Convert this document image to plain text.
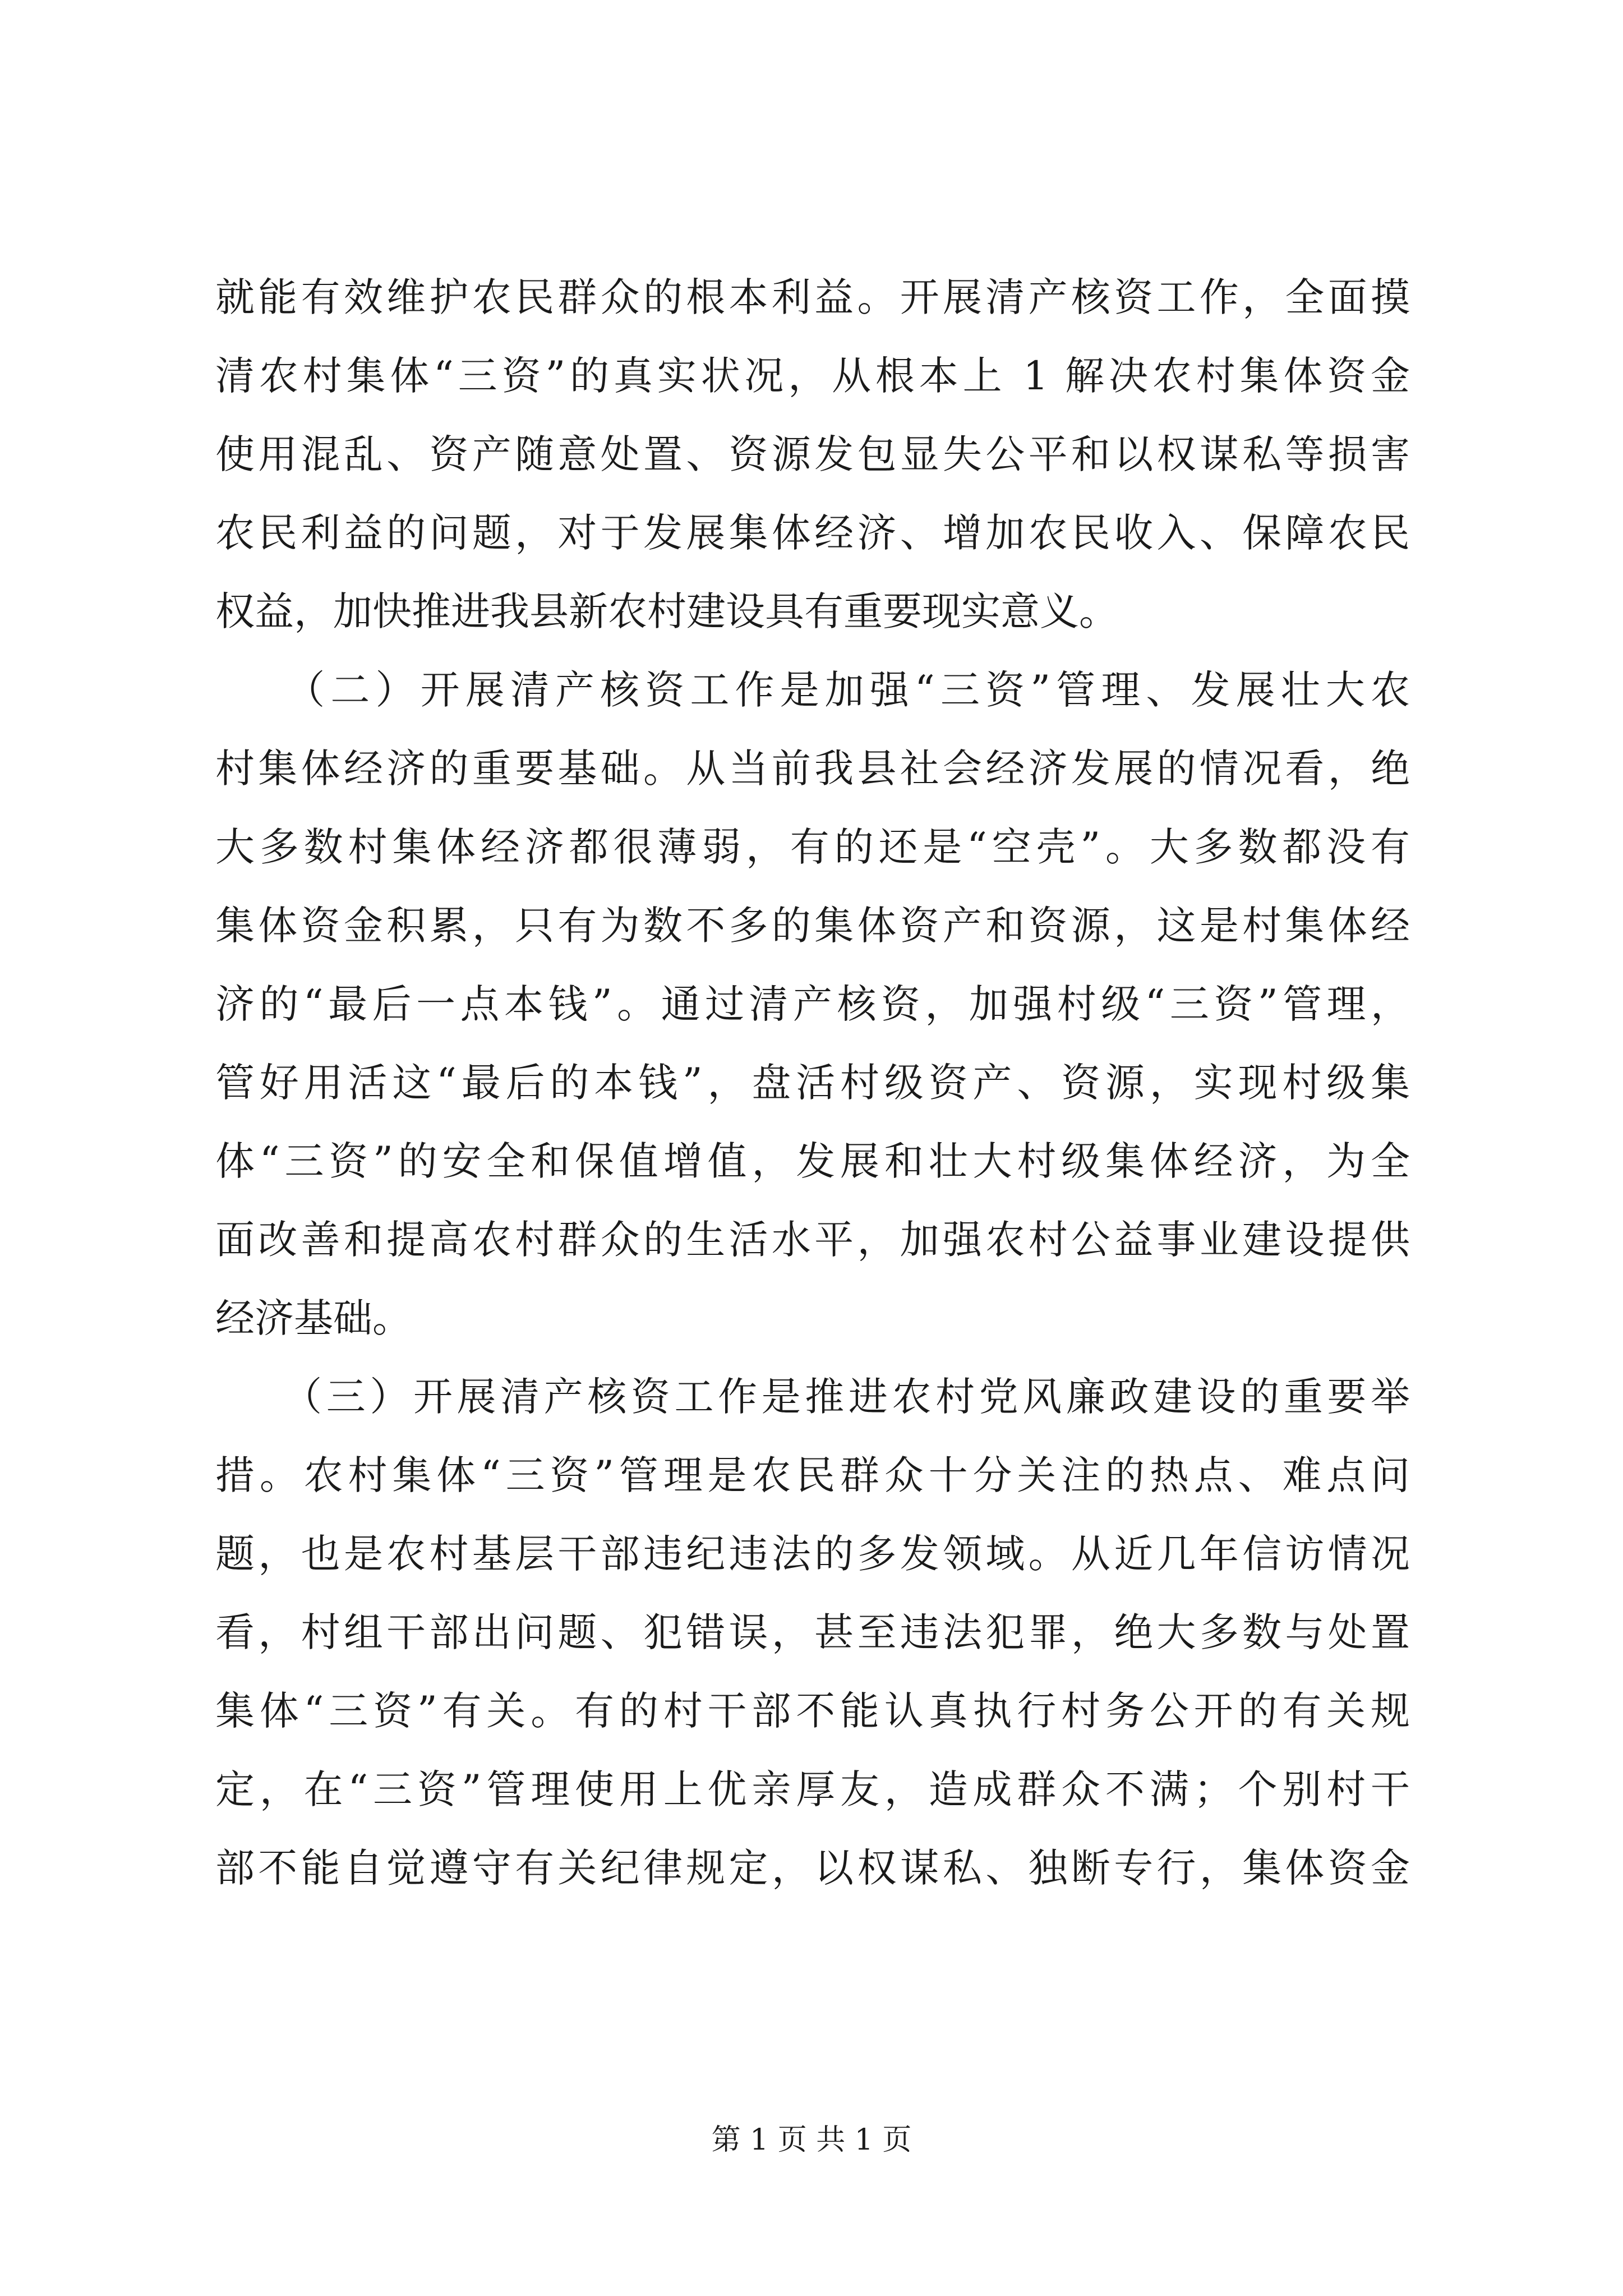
就能有效维护农民群众的根本利益。开展清产核资工作，全面摸
清农村集体“三资”的真实状况，从根本上 1 解决农村集体资金
使用混乱、资产随意处置、资源发包显失公平和以权谋私等损害
农民利益的问题，对于发展集体经济、增加农民收入、保障农民
权益，加快推进我县新农村建设具有重要现实意义。
　　（二）开展清产核资工作是加强“三资”管理、发展壮大农
村集体经济的重要基础。从当前我县社会经济发展的情况看，绝
大多数村集体经济都很薄弱，有的还是“空壳”。大多数都没有
集体资金积累，只有为数不多的集体资产和资源，这是村集体经
济的“最后一点本钱”。通过清产核资，加强村级“三资”管理，
管好用活这“最后的本钱”，盘活村级资产、资源，实现村级集
体“三资”的安全和保值增值，发展和壮大村级集体经济，为全
面改善和提高农村群众的生活水平，加强农村公益事业建设提供
经济基础。
　　（三）开展清产核资工作是推进农村党风廉政建设的重要举
措。农村集体“三资”管理是农民群众十分关注的热点、难点问
题，也是农村基层干部违纪违法的多发领域。从近几年信访情况
看，村组干部出问题、犯错误，甚至违法犯罪，绝大多数与处置
集体“三资”有关。有的村干部不能认真执行村务公开的有关规
定，在“三资”管理使用上优亲厚友，造成群众不满；个别村干
部不能自觉遵守有关纪律规定，以权谋私、独断专行，集体资金
第 1 页 共 1 页
